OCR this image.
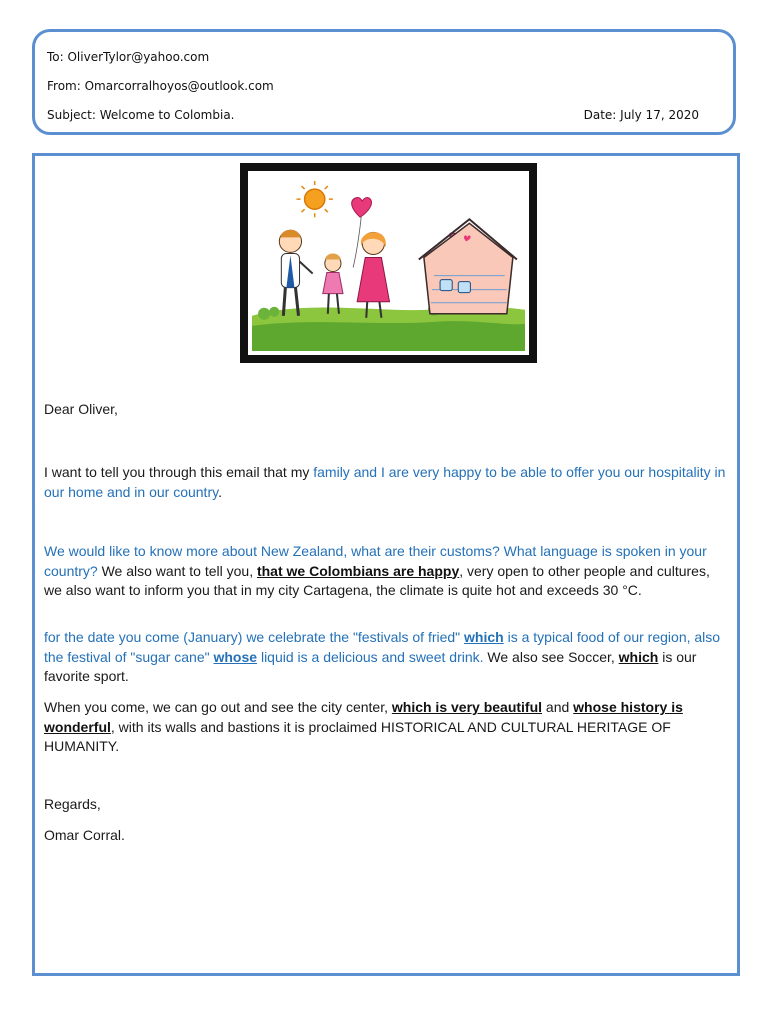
To: OliverTylor@yahoo.com
From: Omarcorralhoyos@outlook.com
Subject: Welcome to Colombia.	Date: July 17, 2020
Dear Oliver,
I want to tell you through this email that my family and I are very happy to be able to offer you our hospitality in our home and in our country.
We would like to know more about New Zealand, what are their customs? What language is spoken in your country? We also want to tell you, that we Colombians are happy, very open to other people and cultures, we also want to inform you that in my city Cartagena, the climate is quite hot and exceeds 30 °C.
for the date you come (January) we celebrate the "festivals of fried" which is a typical food of our region, also the festival of "sugar cane" whose liquid is a delicious and sweet drink. We also see Soccer, which is our favorite sport.
When you come, we can go out and see the city center, which is very beautiful and whose history is wonderful, with its walls and bastions it is proclaimed HISTORICAL AND CULTURAL HERITAGE OF HUMANITY.
Regards,
Omar Corral.
